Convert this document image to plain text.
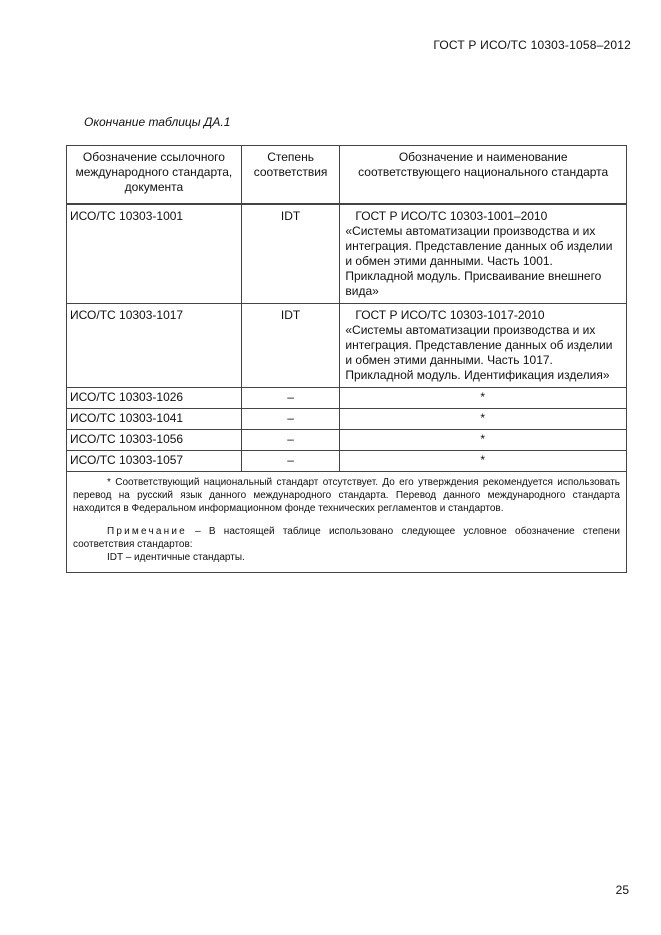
ГОСТ Р ИСО/ТС 10303-1058–2012
Окончание таблицы ДА.1
Обозначение ссылочного международного стандарта, документа	Степень соответствия	Обозначение и наименование соответствующего национального стандарта
ИСО/ТС 10303-1001	IDT	ГОСТ Р ИСО/ТС 10303-1001–2010
«Системы автоматизации производства и их интеграция. Представление данных об изделии и обмен этими данными. Часть 1001. Прикладной модуль. Присваивание внешнего вида»

ИСО/ТС 10303-1017	IDT	ГОСТ Р ИСО/ТС 10303-1017-2010
«Системы автоматизации производства и их интеграция. Представление данных об изделии и обмен этими данными. Часть 1017. Прикладной модуль. Идентификация изделия»

ИСО/ТС 10303-1026	–	*
ИСО/ТС 10303-1041	–	*
ИСО/ТС 10303-1056	–	*
ИСО/ТС 10303-1057	–	*

* Соответствующий национальный стандарт отсутствует. До его утверждения рекомендуется использовать перевод на русский язык данного международного стандарта. Перевод данного международного стандарта находится в Федеральном информационном фонде технических регламентов и стандартов.

Примечание – В настоящей таблице использовано следующее условное обозначение степени соответствия стандартов:

IDT – идентичные стандарты.		

25
